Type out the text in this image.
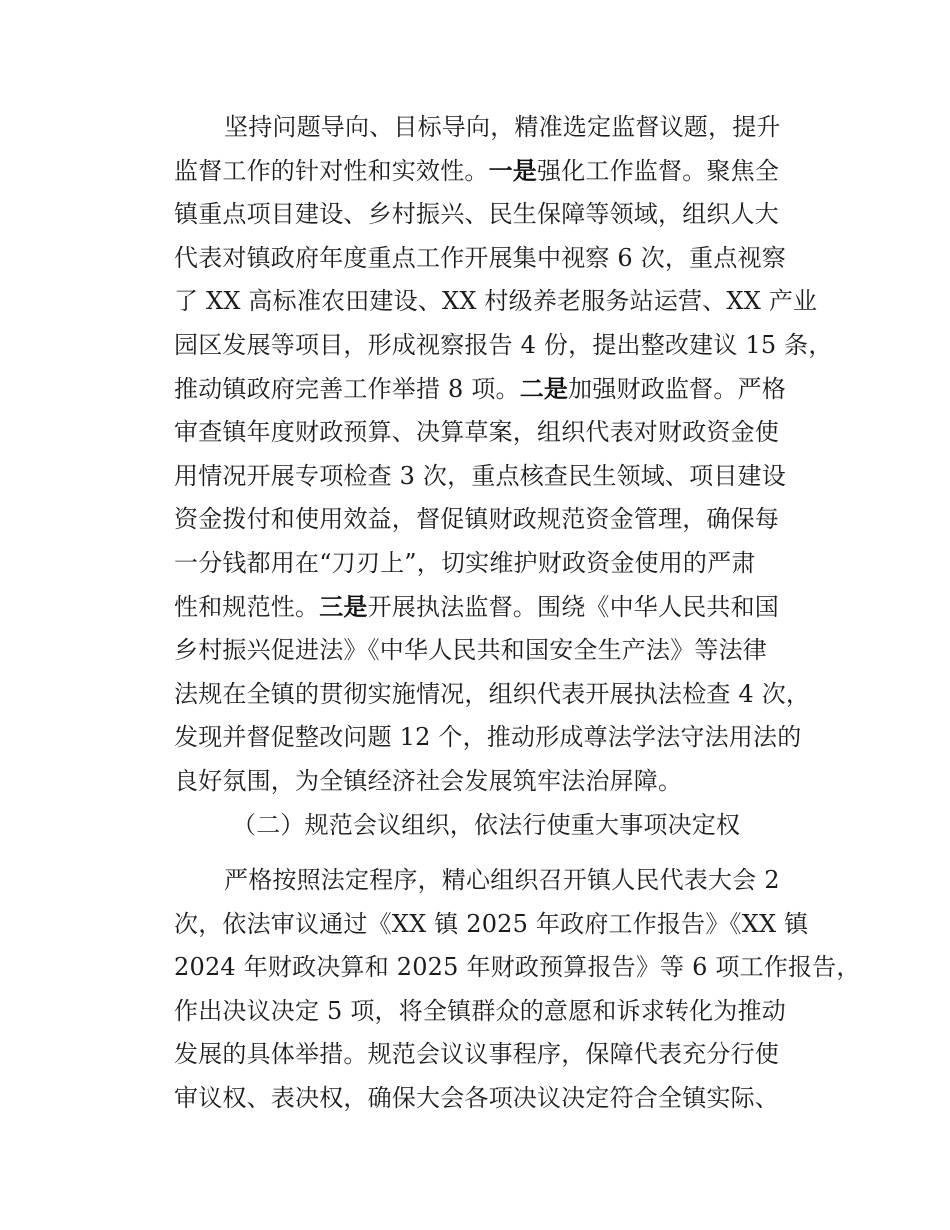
坚持问题导向、目标导向，精准选定监督议题，提升

监督工作的针对性和实效性。一是强化工作监督。聚焦全

镇重点项目建设、乡村振兴、民生保障等领域，组织人大

代表对镇政府年度重点工作开展集中视察 6 次，重点视察

了 XX 高标准农田建设、XX 村级养老服务站运营、XX 产业

园区发展等项目，形成视察报告 4 份，提出整改建议 15 条，

推动镇政府完善工作举措 8 项。二是加强财政监督。严格

审查镇年度财政预算、决算草案，组织代表对财政资金使

用情况开展专项检查 3 次，重点核查民生领域、项目建设

资金拨付和使用效益，督促镇财政规范资金管理，确保每

一分钱都用在“刀刃上”，切实维护财政资金使用的严肃

性和规范性。三是开展执法监督。围绕《中华人民共和国

乡村振兴促进法》《中华人民共和国安全生产法》等法律

法规在全镇的贯彻实施情况，组织代表开展执法检查 4 次，

发现并督促整改问题 12 个，推动形成尊法学法守法用法的

良好氛围，为全镇经济社会发展筑牢法治屏障。

（二）规范会议组织，依法行使重大事项决定权

严格按照法定程序，精心组织召开镇人民代表大会 2

次，依法审议通过《XX 镇 2025 年政府工作报告》《XX 镇

2024 年财政决算和 2025 年财政预算报告》等 6 项工作报告，

作出决议决定 5 项，将全镇群众的意愿和诉求转化为推动

发展的具体举措。规范会议议事程序，保障代表充分行使

审议权、表决权，确保大会各项决议决定符合全镇实际、
